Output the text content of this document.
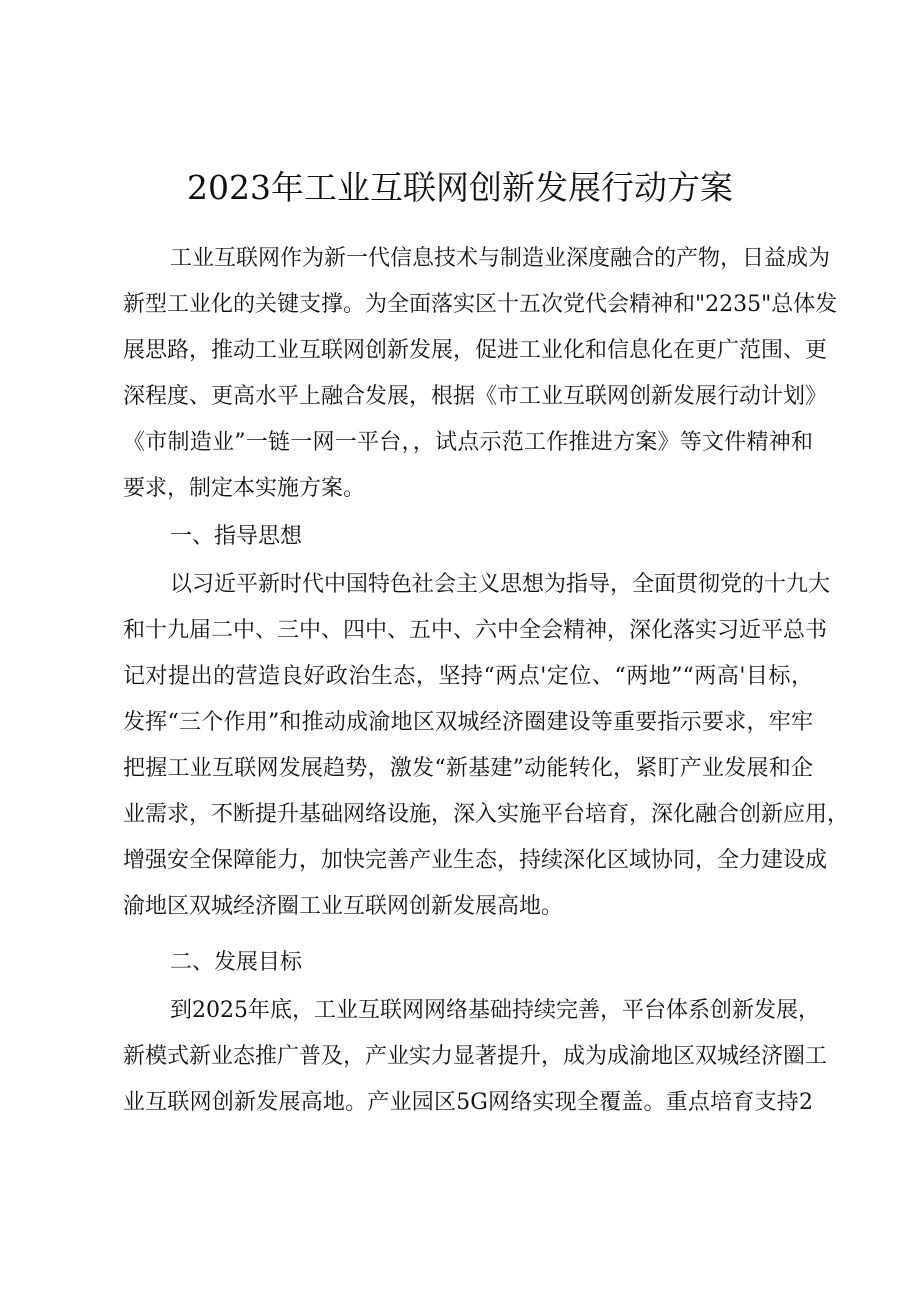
2023年工业互联网创新发展行动方案
工业互联网作为新一代信息技术与制造业深度融合的产物，日益成为
新型工业化的关键支撑。为全面落实区十五次党代会精神和"2235"总体发
展思路，推动工业互联网创新发展，促进工业化和信息化在更广范围、更
深程度、更高水平上融合发展，根据《市工业互联网创新发展行动计划》
《市制造业”一链一网一平台，，试点示范工作推进方案》等文件精神和
要求，制定本实施方案。
一、指导思想
以习近平新时代中国特色社会主义思想为指导，全面贯彻党的十九大
和十九届二中、三中、四中、五中、六中全会精神，深化落实习近平总书
记对提出的营造良好政治生态，坚持“两点'定位、“两地”“两高'目标，
发挥“三个作用”和推动成渝地区双城经济圈建设等重要指示要求，牢牢
把握工业互联网发展趋势，激发“新基建”动能转化，紧盯产业发展和企
业需求，不断提升基础网络设施，深入实施平台培育，深化融合创新应用，
增强安全保障能力，加快完善产业生态，持续深化区域协同，全力建设成
渝地区双城经济圈工业互联网创新发展高地。
二、发展目标
到2025年底，工业互联网网络基础持续完善，平台体系创新发展，
新模式新业态推广普及，产业实力显著提升，成为成渝地区双城经济圈工
业互联网创新发展高地。产业园区5G网络实现全覆盖。重点培育支持2
